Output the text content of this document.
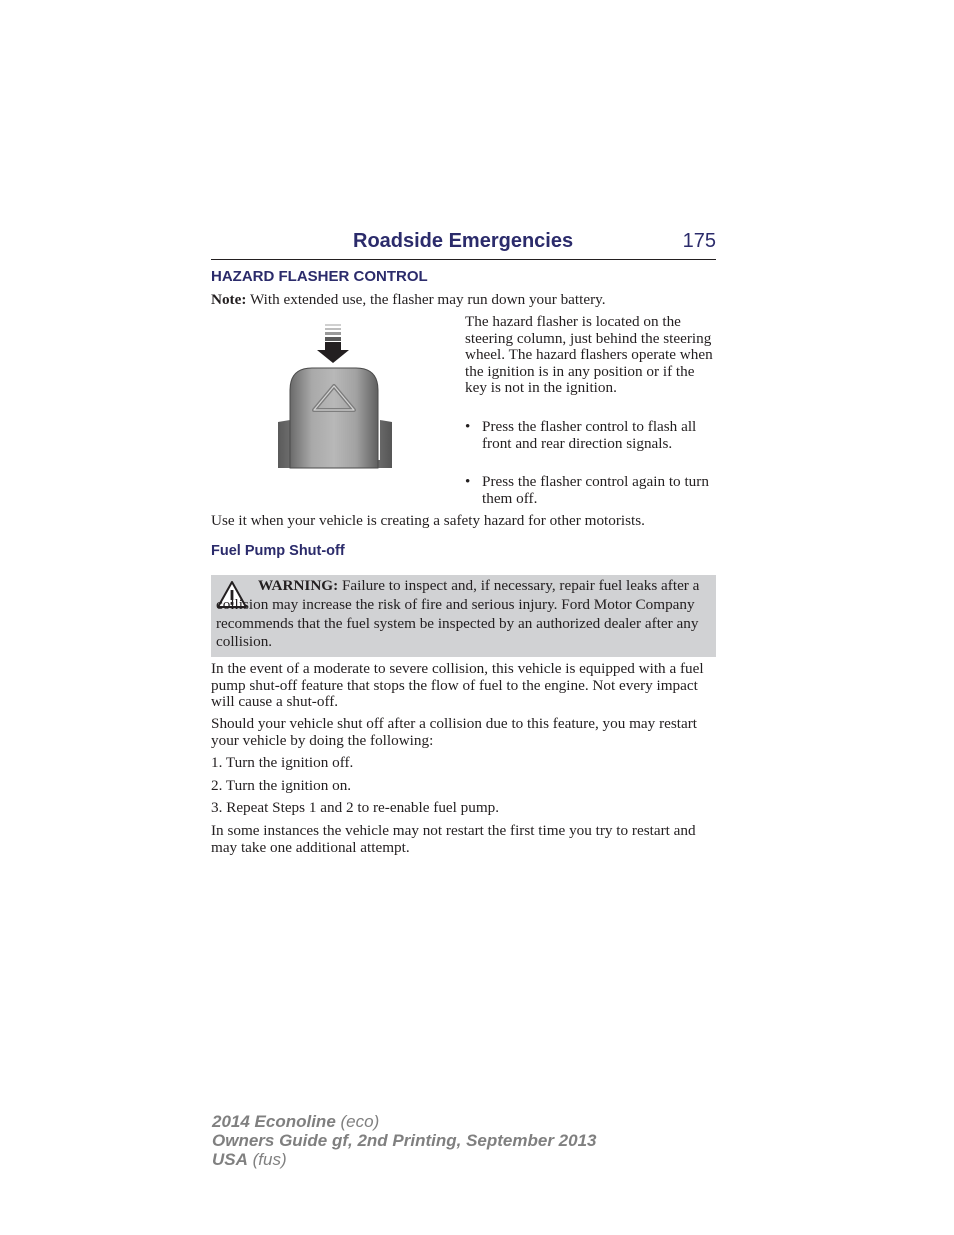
Roadside Emergencies	175
HAZARD FLASHER CONTROL
Note: With extended use, the flasher may run down your battery.
The hazard flasher is located on the steering column, just behind the steering wheel. The hazard flashers operate when the ignition is in any position or if the key is not in the ignition.
• Press the flasher control to flash all front and rear direction signals.
• Press the flasher control again to turn them off.
Use it when your vehicle is creating a safety hazard for other motorists.
Fuel Pump Shut-off
WARNING: Failure to inspect and, if necessary, repair fuel leaks after a collision may increase the risk of fire and serious injury. Ford Motor Company recommends that the fuel system be inspected by an authorized dealer after any collision.
In the event of a moderate to severe collision, this vehicle is equipped with a fuel pump shut-off feature that stops the flow of fuel to the engine. Not every impact will cause a shut-off.
Should your vehicle shut off after a collision due to this feature, you may restart your vehicle by doing the following:
1. Turn the ignition off.
2. Turn the ignition on.
3. Repeat Steps 1 and 2 to re-enable fuel pump.
In some instances the vehicle may not restart the first time you try to restart and may take one additional attempt.
2014 Econoline (eco)
Owners Guide gf, 2nd Printing, September 2013
USA (fus)
